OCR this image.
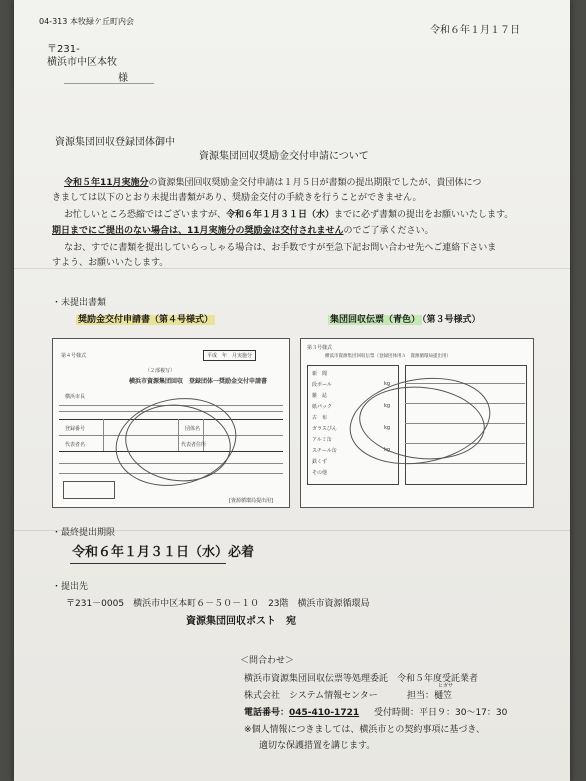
04-313 本牧緑ケ丘町内会
令和６年１月１７日
〒231-
横浜市中区本牧
様
資源集団回収登録団体御中
資源集団回収奨励金交付申請について
令和５年11月実施分の資源集団回収奨励金交付申請は１月５日が書類の提出期限でしたが、貴団体につ
きましては以下のとおり未提出書類があり、奨励金交付の手続きを行うことができません。
お忙しいところ恐縮ではございますが、令和６年１月３１日（水）までに必ず書類の提出をお願いいたします。
期日までにご提出のない場合は、11月実施分の奨励金は交付されませんのでご了承ください。
なお、すでに書類を提出していらっしゃる場合は、お手数ですが至急下記お問い合わせ先へご連絡下さいま
すよう、お願いいたします。
・未提出書類
奨励金交付申請書（第４号様式）	集団回収伝票（青色） （第３号様式）
第４号様式	平成　年　月実施分
（２部複写）
横浜市資源集団回収　登録団体一奨励金交付申請書
横浜市長
登録番号	団体名
代表者名	代表者住所
[資源循環局提出用]
第３号様式
横浜市資源集団回収伝票（登録団体用Ａ　資源循環局提出用）
新　聞
段ボール
雑　誌
紙パック
古　布
ガラスびん
アルミ缶
スチール缶
鉄くず
その他
kg
kg
kg
kg
・最終提出期限
令和６年１月３１日（水）必着
・提出先
〒231－0005　横浜市中区本町６－５０－１０　23階　横浜市資源循環局
資源集団回収ポスト　宛
＜問合わせ＞
横浜市資源集団回収伝票等処理委託　令和５年度受託業者
株式会社　システム情報センター	担当：樋笠
ヒガサ
電話番号：045-410-1721 受付時間：平日９：30～17：30
※個人情報につきましては、横浜市との契約事項に基づき、
適切な保護措置を講じます。
